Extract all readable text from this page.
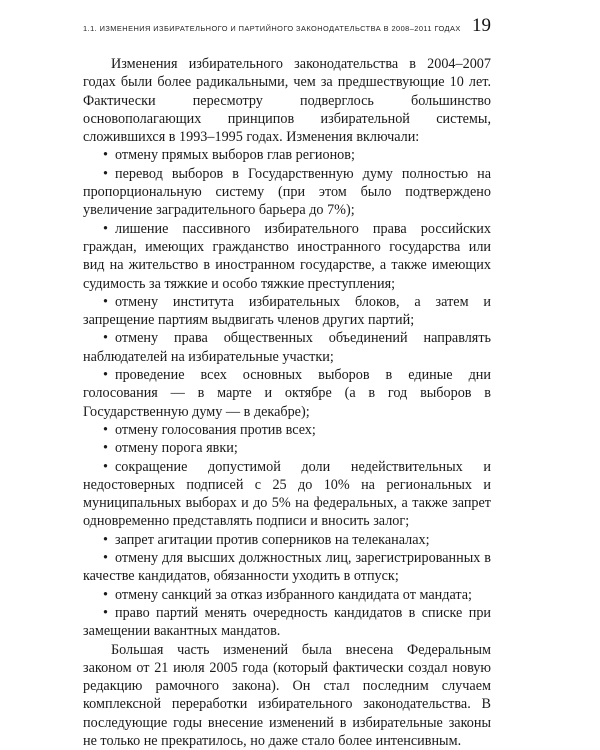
1.1. ИЗМЕНЕНИЯ ИЗБИРАТЕЛЬНОГО И ПАРТИЙНОГО ЗАКОНОДАТЕЛЬСТВА В 2008–2011 ГОДАХ 19

Изменения избирательного законодательства в 2004–2007 годах были более радикальными, чем за предшествующие 10 лет. Фактически пересмотру подверглось большинство основополагающих принципов избирательной системы, сложившихся в 1993–1995 годах. Изменения включали:

• отмену прямых выборов глав регионов;

• перевод выборов в Государственную думу полностью на пропорциональную систему (при этом было подтверждено увеличение заградительного барьера до 7%);

• лишение пассивного избирательного права российских граждан, имеющих гражданство иностранного государства или вид на жительство в иностранном государстве, а также имеющих судимость за тяжкие и особо тяжкие преступления;

• отмену института избирательных блоков, а затем и запрещение партиям выдвигать членов других партий;

• отмену права общественных объединений направлять наблюдателей на избирательные участки;

• проведение всех основных выборов в единые дни голосования — в марте и октябре (а в год выборов в Государственную думу — в декабре);

• отмену голосования против всех;

• отмену порога явки;

• сокращение допустимой доли недействительных и недостоверных подписей с 25 до 10% на региональных и муниципальных выборах и до 5% на федеральных, а также запрет одновременно представлять подписи и вносить залог;

• запрет агитации против соперников на телеканалах;

• отмену для высших должностных лиц, зарегистрированных в качестве кандидатов, обязанности уходить в отпуск;

• отмену санкций за отказ избранного кандидата от мандата;

• право партий менять очередность кандидатов в списке при замещении вакантных мандатов.

Большая часть изменений была внесена Федеральным законом от 21 июля 2005 года (который фактически создал новую редакцию рамочного закона). Он стал последним случаем комплексной переработки избирательного законодательства. В последующие годы внесение изменений в избирательные законы не только не прекратилось, но даже стало более интенсивным.
